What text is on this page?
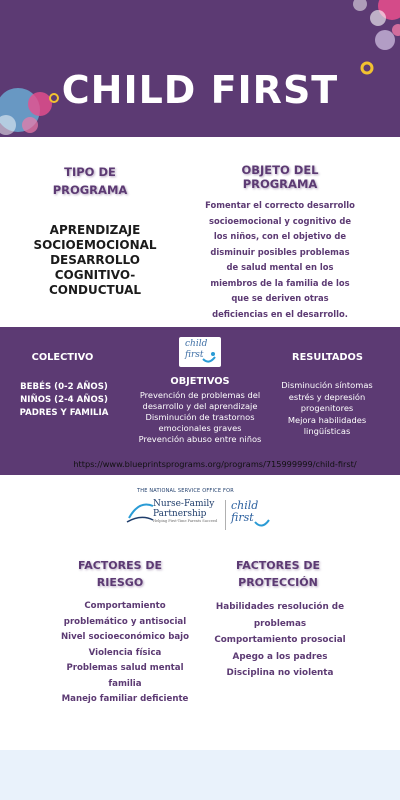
CHILD FIRST
TIPO DE PROGRAMA
OBJETO DEL PROGRAMA
APRENDIZAJE SOCIOEMOCIONAL DESARROLLO COGNITIVO-CONDUCTUAL
Fomentar el correcto desarrollo socioemocional y cognitivo de los niños, con el objetivo de disminuir posibles problemas de salud mental en los miembros de la familia de los que se deriven otras deficiencias en el desarrollo.
COLECTIVO
BEBÉS (0-2 AÑOS)
NIÑOS (2-4 AÑOS)
PADRES Y FAMILIA
child
first
OBJETIVOS
Prevención de problemas del desarrollo y del aprendizaje
Disminución de trastornos emocionales graves
Prevención abuso entre niños
RESULTADOS
Disminución síntomas estrés y depresión progenitores
Mejora habilidades lingüísticas
https://www.blueprintsprograms.org/programs/715999999/child-first/
THE NATIONAL SERVICE OFFICE FOR
Nurse-Family
Partnership
Helping First-Time Parents Succeed
child
first
FACTORES DE RIESGO
FACTORES DE PROTECCIÓN
Comportamiento problemático y antisocial
Nivel socioeconómico bajo
Violencia física
Problemas salud mental familia
Manejo familiar deficiente
Habilidades resolución de problemas
Comportamiento prosocial
Apego a los padres
Disciplina no violenta
